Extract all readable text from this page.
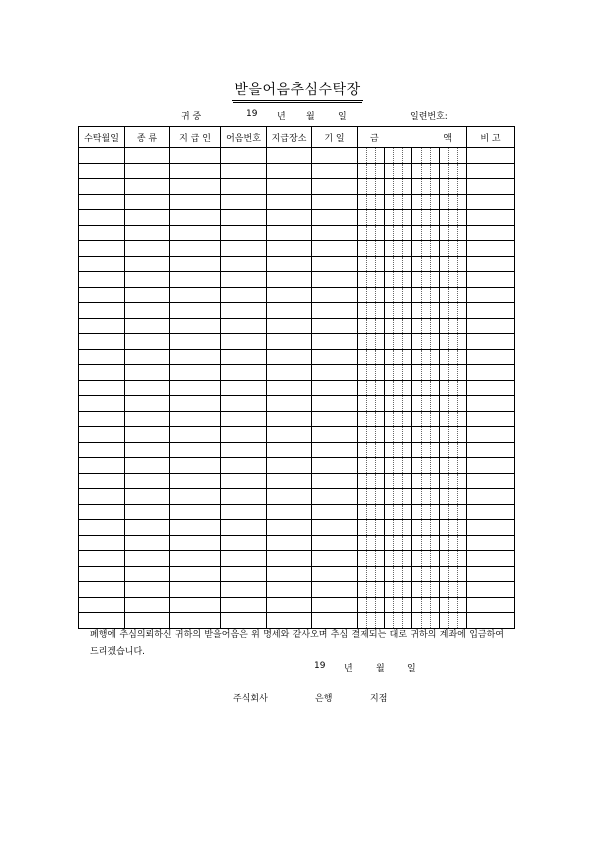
받을어음추심수탁장
귀 중	19 년 월	일	일련번호:
수탁월일	종 류	지 급 인	어음번호	지급장소	기 일	금 액	비 고

폐행에 추심의뢰하신 귀하의 받을어음은 위 명세와 같사오며 추심 결제되는 대로 귀하의 계좌에 입금하여 드리겠습니다.
19 년	월 일
주식회사	은행	지점
